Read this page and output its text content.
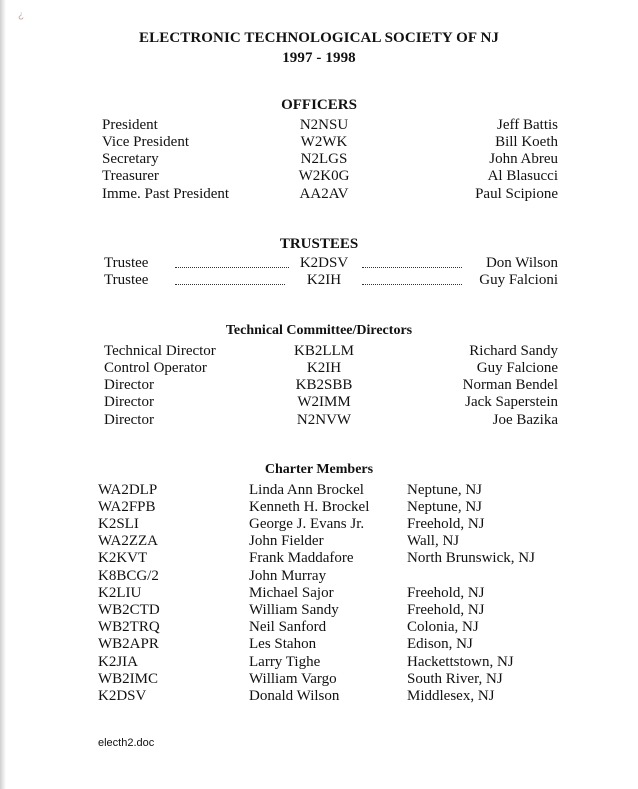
¿
ELECTRONIC TECHNOLOGICAL SOCIETY OF NJ
1997 - 1998
OFFICERS
President	N2NSU	Jeff Battis
Vice President	W2WK	Bill Koeth
Secretary	N2LGS	John Abreu
Treasurer	W2K0G	Al Blasucci
Imme. Past President	AA2AV	Paul Scipione
TRUSTEES
Trustee	K2DSV	Don Wilson
Trustee	K2IH	Guy Falcioni
Technical Committee/Directors
Technical Director	KB2LLM	Richard Sandy
Control Operator	K2IH	Guy Falcione
Director	KB2SBB	Norman Bendel
Director	W2IMM	Jack Saperstein
Director	N2NVW	Joe Bazika
Charter Members
WA2DLP	Linda Ann Brockel	Neptune, NJ
WA2FPB	Kenneth H. Brockel	Neptune, NJ
K2SLI	George J. Evans Jr.	Freehold, NJ
WA2ZZA	John Fielder	Wall, NJ
K2KVT	Frank Maddafore	North Brunswick, NJ
K8BCG/2	John Murray
K2LIU	Michael Sajor	Freehold, NJ
WB2CTD	William Sandy	Freehold, NJ
WB2TRQ	Neil Sanford	Colonia, NJ
WB2APR	Les Stahon	Edison, NJ
K2JIA	Larry Tighe	Hackettstown, NJ
WB2IMC	William Vargo	South River, NJ
K2DSV	Donald Wilson	Middlesex, NJ
electh2.doc
